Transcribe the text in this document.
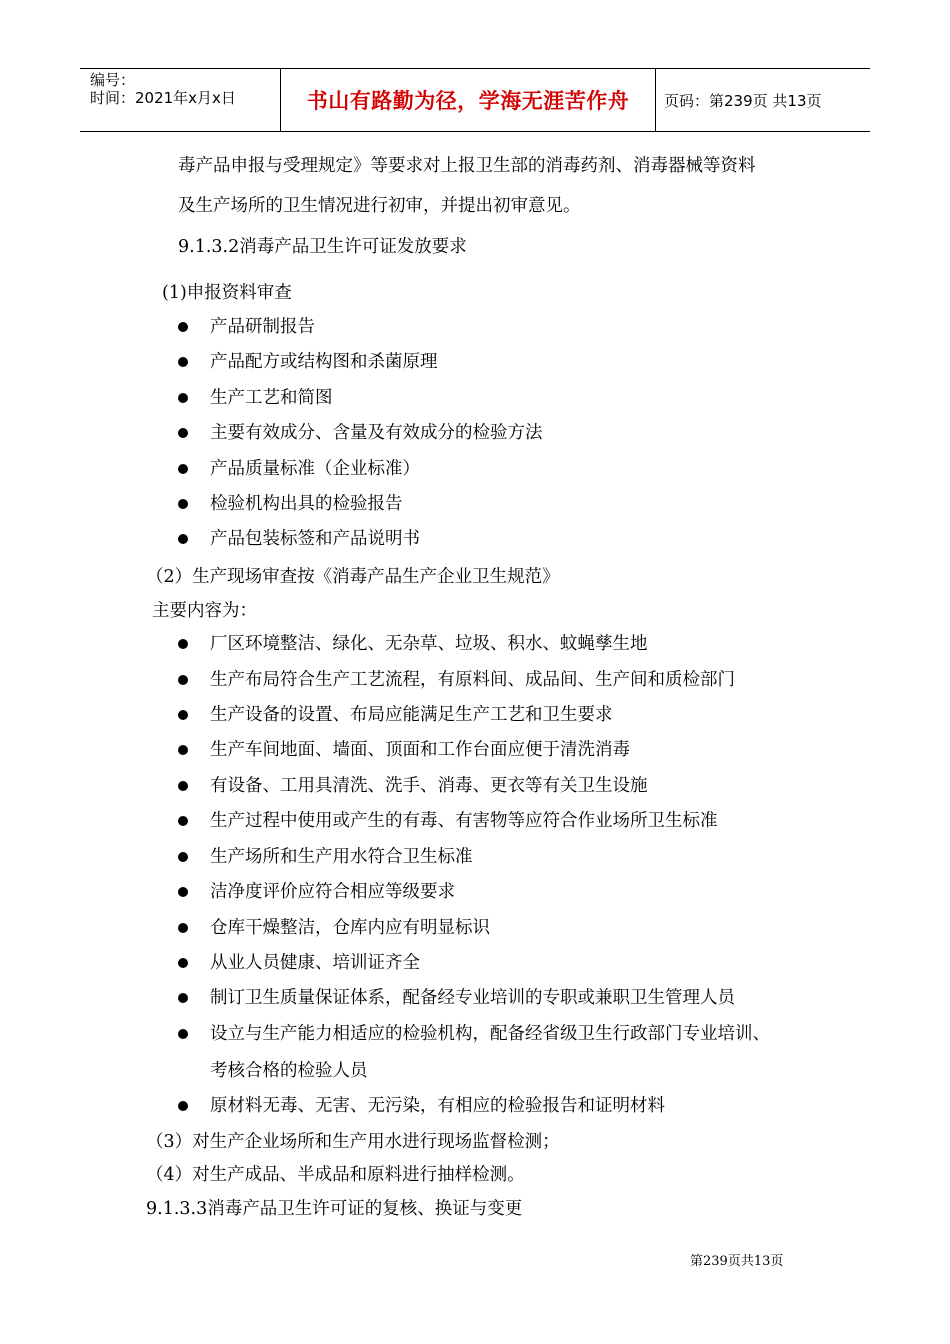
编号：
时间：2021年x月x日	书山有路勤为径，学海无涯苦作舟 页码：第239页 共13页
毒产品申报与受理规定》等要求对上报卫生部的消毒药剂、消毒器械等资料
及生产场所的卫生情况进行初审，并提出初审意见。
9.1.3.2消毒产品卫生许可证发放要求
(1)申报资料审查
产品研制报告
产品配方或结构图和杀菌原理
生产工艺和简图
主要有效成分、含量及有效成分的检验方法
产品质量标准（企业标准）
检验机构出具的检验报告
产品包装标签和产品说明书
（2）生产现场审查按《消毒产品生产企业卫生规范》
主要内容为：
厂区环境整洁、绿化、无杂草、垃圾、积水、蚊蝇孳生地
生产布局符合生产工艺流程，有原料间、成品间、生产间和质检部门
生产设备的设置、布局应能满足生产工艺和卫生要求
生产车间地面、墙面、顶面和工作台面应便于清洗消毒
有设备、工用具清洗、洗手、消毒、更衣等有关卫生设施
生产过程中使用或产生的有毒、有害物等应符合作业场所卫生标准
生产场所和生产用水符合卫生标准
洁净度评价应符合相应等级要求
仓库干燥整洁，仓库内应有明显标识
从业人员健康、培训证齐全
制订卫生质量保证体系，配备经专业培训的专职或兼职卫生管理人员
设立与生产能力相适应的检验机构，配备经省级卫生行政部门专业培训、
考核合格的检验人员
原材料无毒、无害、无污染，有相应的检验报告和证明材料
（3）对生产企业场所和生产用水进行现场监督检测；
（4）对生产成品、半成品和原料进行抽样检测。
9.1.3.3消毒产品卫生许可证的复核、换证与变更
第239页共13页
